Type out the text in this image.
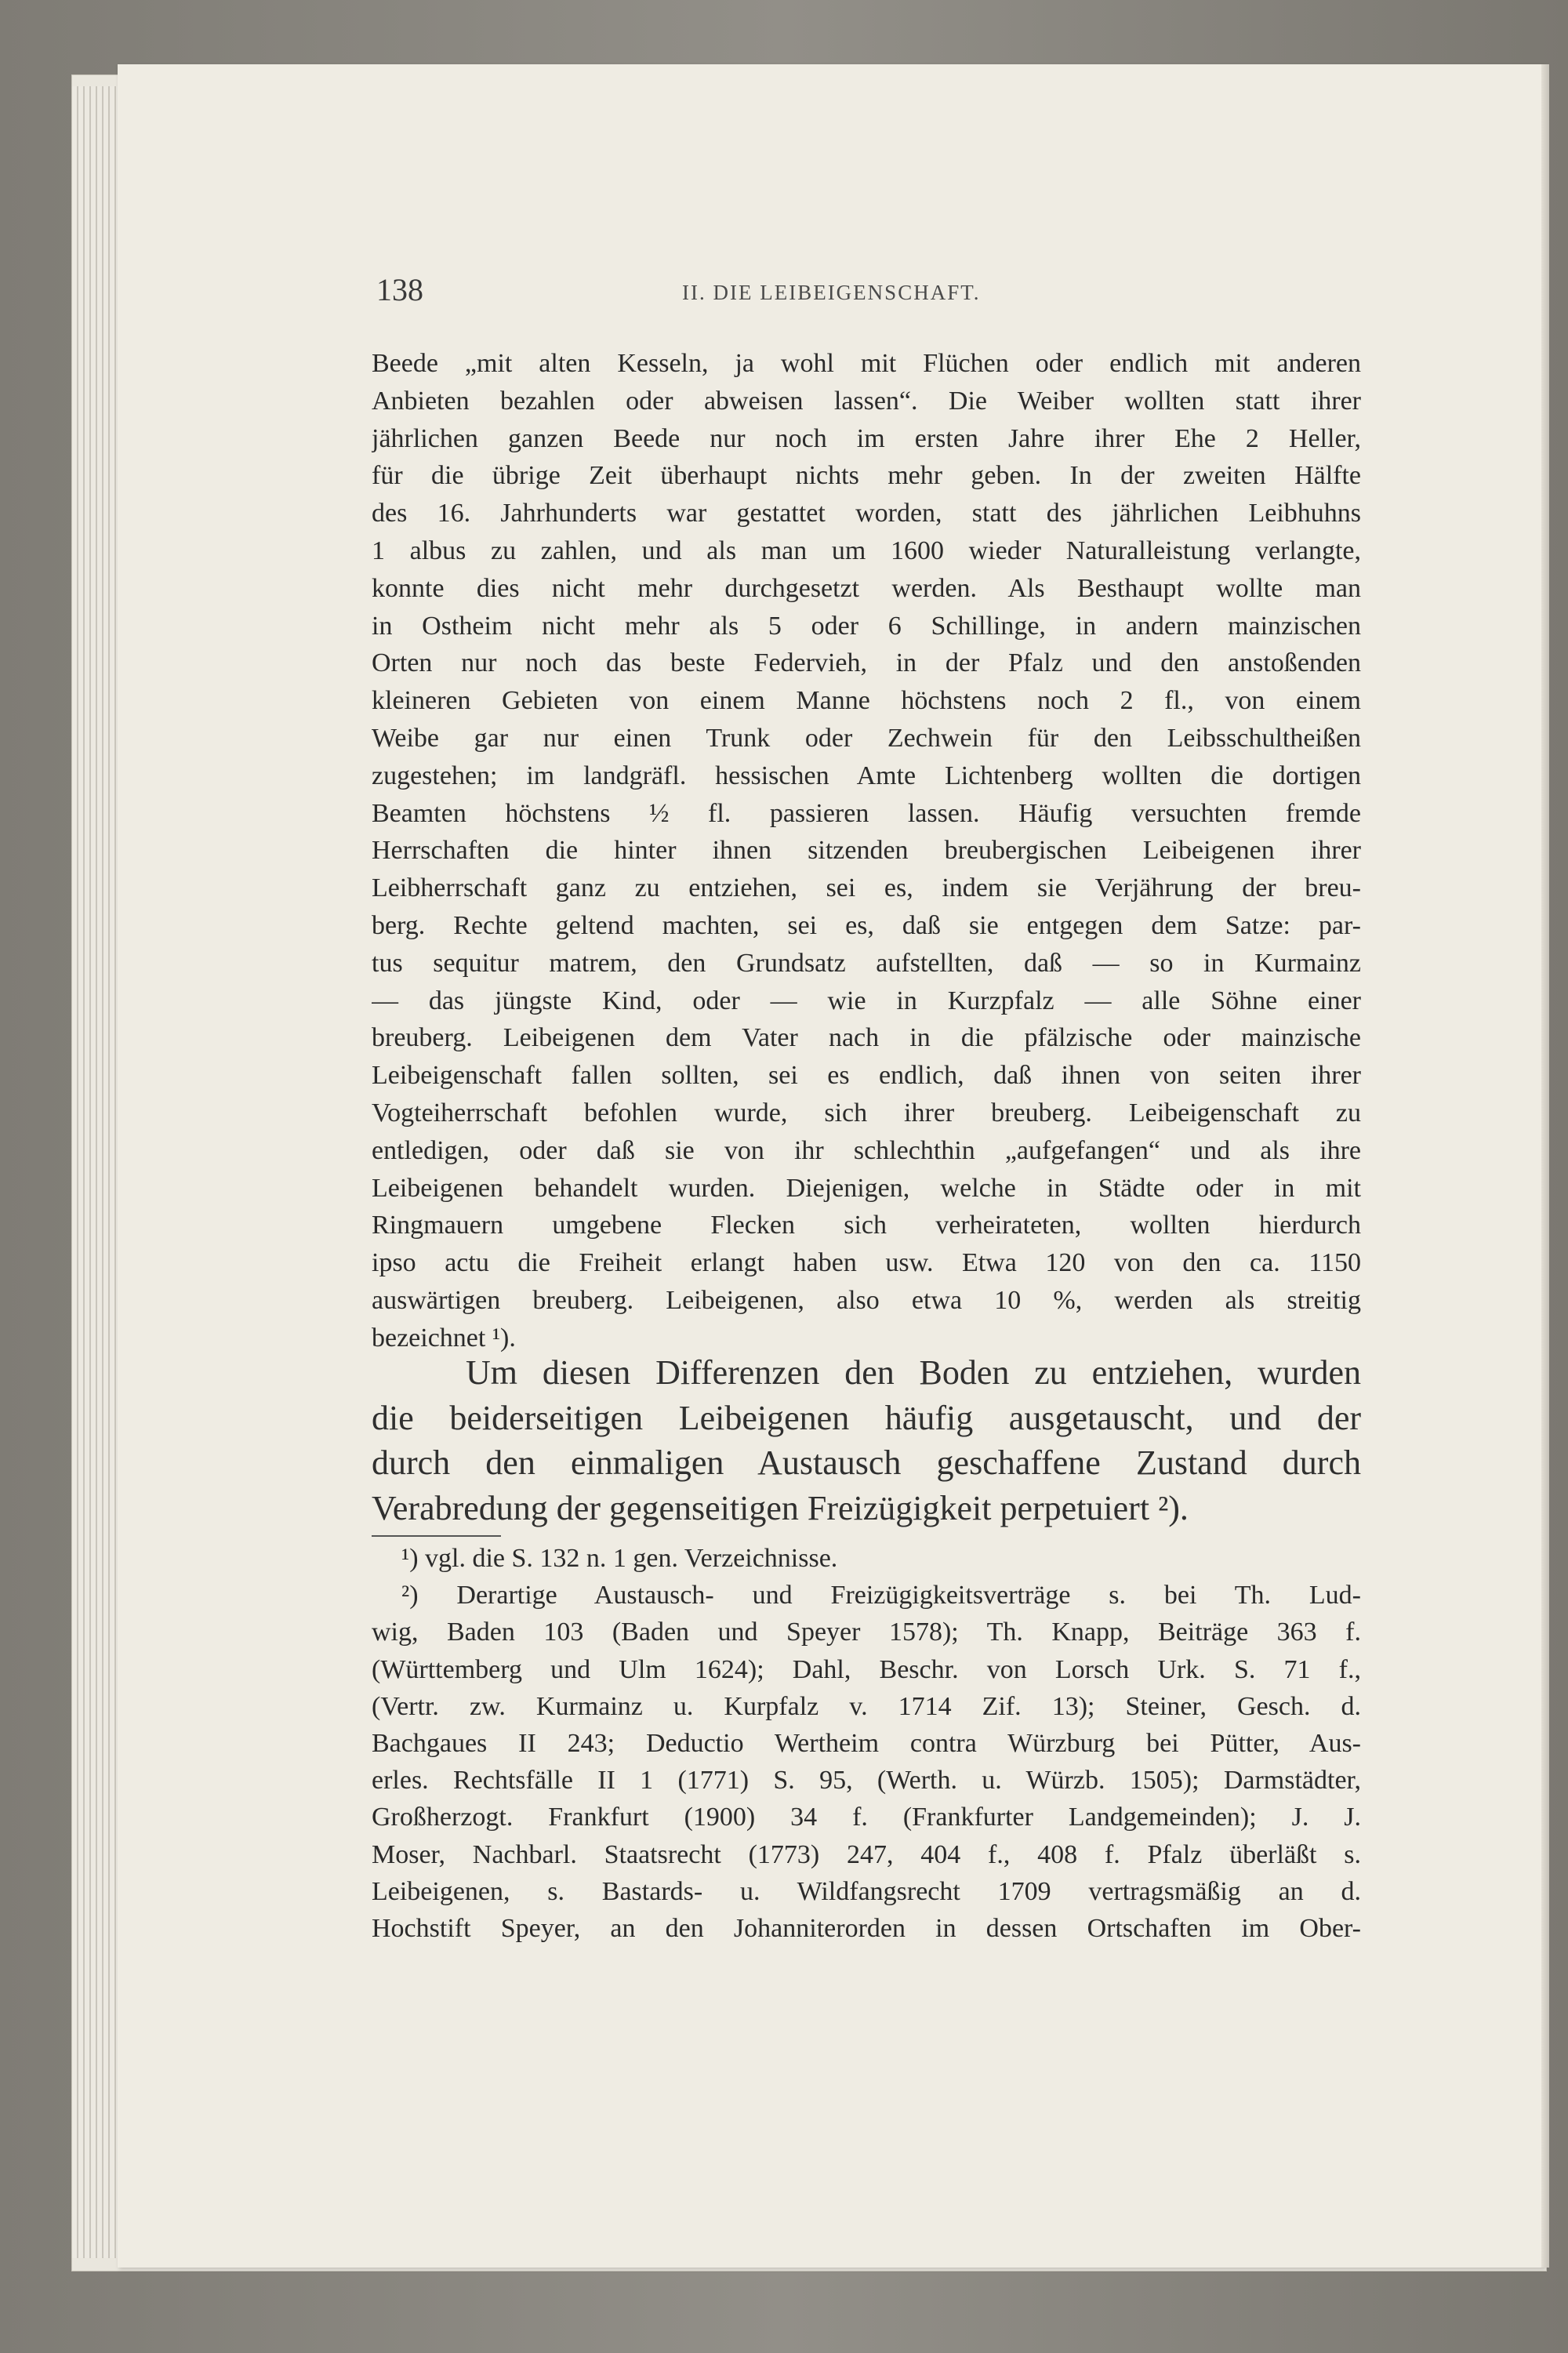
138	II. DIE LEIBEIGENSCHAFT.
Beede „mit alten Kesseln, ja wohl mit Flüchen oder endlich mit anderen
Anbieten bezahlen oder abweisen lassen“. Die Weiber wollten statt ihrer
jährlichen ganzen Beede nur noch im ersten Jahre ihrer Ehe 2 Heller,
für die übrige Zeit überhaupt nichts mehr geben. In der zweiten Hälfte
des 16. Jahrhunderts war gestattet worden, statt des jährlichen Leibhuhns
1 albus zu zahlen, und als man um 1600 wieder Naturalleistung verlangte,
konnte dies nicht mehr durchgesetzt werden. Als Besthaupt wollte man
in Ostheim nicht mehr als 5 oder 6 Schillinge, in andern mainzischen
Orten nur noch das beste Federvieh, in der Pfalz und den anstoßenden
kleineren Gebieten von einem Manne höchstens noch 2 fl., von einem
Weibe gar nur einen Trunk oder Zechwein für den Leibsschultheißen
zugestehen; im landgräfl. hessischen Amte Lichtenberg wollten die dortigen
Beamten höchstens ½ fl. passieren lassen. Häufig versuchten fremde
Herrschaften die hinter ihnen sitzenden breubergischen Leibeigenen ihrer
Leibherrschaft ganz zu entziehen, sei es, indem sie Verjährung der breu-
berg. Rechte geltend machten, sei es, daß sie entgegen dem Satze: par-
tus sequitur matrem, den Grundsatz aufstellten, daß — so in Kurmainz
— das jüngste Kind, oder — wie in Kurzpfalz — alle Söhne einer
breuberg. Leibeigenen dem Vater nach in die pfälzische oder mainzische
Leibeigenschaft fallen sollten, sei es endlich, daß ihnen von seiten ihrer
Vogteiherrschaft befohlen wurde, sich ihrer breuberg. Leibeigenschaft zu
entledigen, oder daß sie von ihr schlechthin „aufgefangen“ und als ihre
Leibeigenen behandelt wurden. Diejenigen, welche in Städte oder in mit
Ringmauern umgebene Flecken sich verheirateten, wollten hierdurch
ipso actu die Freiheit erlangt haben usw. Etwa 120 von den ca. 1150
auswärtigen breuberg. Leibeigenen, also etwa 10 %, werden als streitig
bezeichnet ¹).
Um diesen Differenzen den Boden zu entziehen, wurden
die beiderseitigen Leibeigenen häufig ausgetauscht, und der
durch den einmaligen Austausch geschaffene Zustand durch
Verabredung der gegenseitigen Freizügigkeit perpetuiert ²).
¹) vgl. die S. 132 n. 1 gen. Verzeichnisse.
²) Derartige Austausch- und Freizügigkeitsverträge s. bei Th. Lud-
wig, Baden 103 (Baden und Speyer 1578); Th. Knapp, Beiträge 363 f.
(Württemberg und Ulm 1624); Dahl, Beschr. von Lorsch Urk. S. 71 f.,
(Vertr. zw. Kurmainz u. Kurpfalz v. 1714 Zif. 13); Steiner, Gesch. d.
Bachgaues II 243; Deductio Wertheim contra Würzburg bei Pütter, Aus-
erles. Rechtsfälle II 1 (1771) S. 95, (Werth. u. Würzb. 1505); Darmstädter,
Großherzogt. Frankfurt (1900) 34 f. (Frankfurter Landgemeinden); J. J.
Moser, Nachbarl. Staatsrecht (1773) 247, 404 f., 408 f. Pfalz überläßt s.
Leibeigenen, s. Bastards- u. Wildfangsrecht 1709 vertragsmäßig an d.
Hochstift Speyer, an den Johanniterorden in dessen Ortschaften im Ober-
